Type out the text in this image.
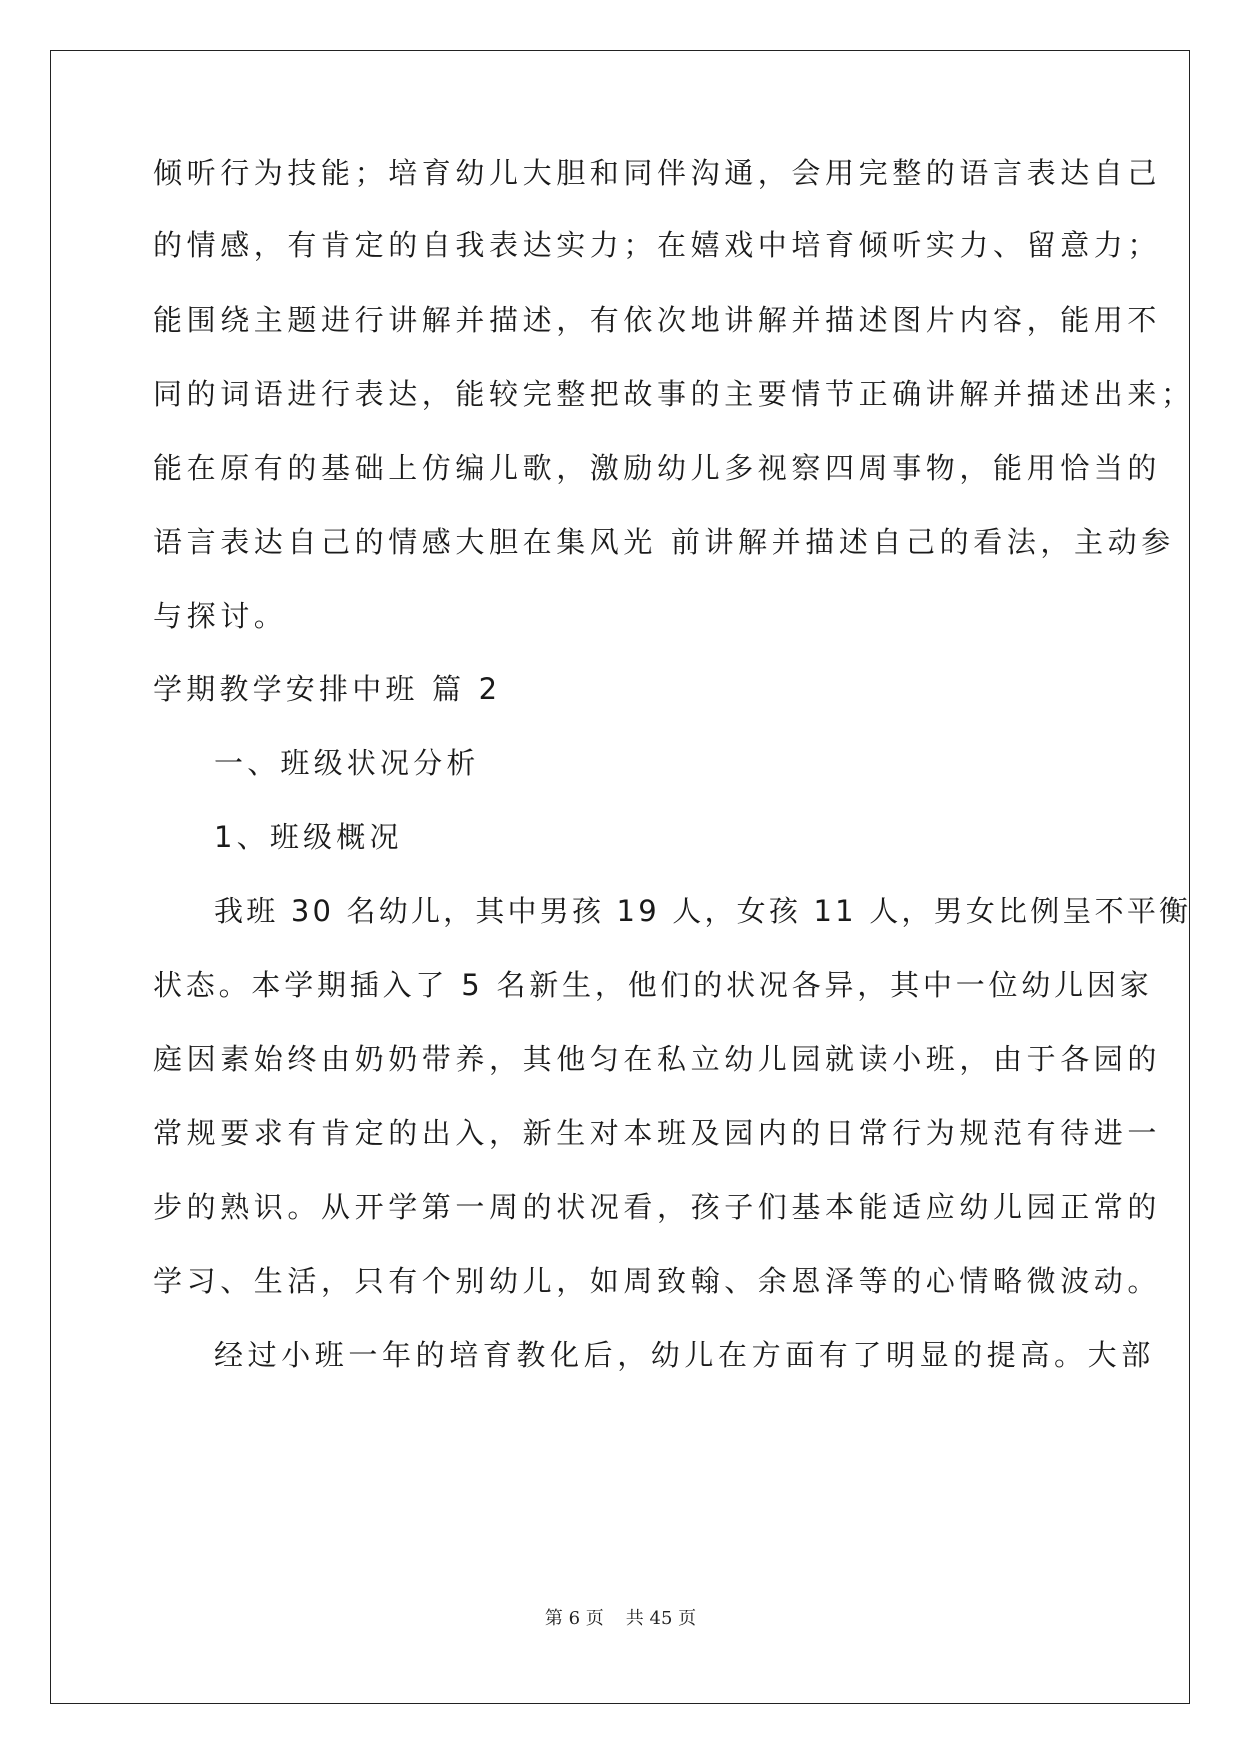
倾听行为技能；培育幼儿大胆和同伴沟通，会用完整的语言表达自己
的情感，有肯定的自我表达实力；在嬉戏中培育倾听实力、留意力；
能围绕主题进行讲解并描述，有依次地讲解并描述图片内容，能用不
同的词语进行表达，能较完整把故事的主要情节正确讲解并描述出来；
能在原有的基础上仿编儿歌，激励幼儿多视察四周事物，能用恰当的
语言表达自己的情感大胆在集风光 前讲解并描述自己的看法，主动参
与探讨。
学期教学安排中班 篇 2
一、班级状况分析
1、班级概况
我班 30 名幼儿，其中男孩 19 人，女孩 11 人，男女比例呈不平衡
状态。本学期插入了 5 名新生，他们的状况各异，其中一位幼儿因家
庭因素始终由奶奶带养，其他匀在私立幼儿园就读小班，由于各园的
常规要求有肯定的出入，新生对本班及园内的日常行为规范有待进一
步的熟识。从开学第一周的状况看，孩子们基本能适应幼儿园正常的
学习、生活，只有个别幼儿，如周致翰、余恩泽等的心情略微波动。
经过小班一年的培育教化后，幼儿在方面有了明显的提高。大部
第 6 页 共 45 页
